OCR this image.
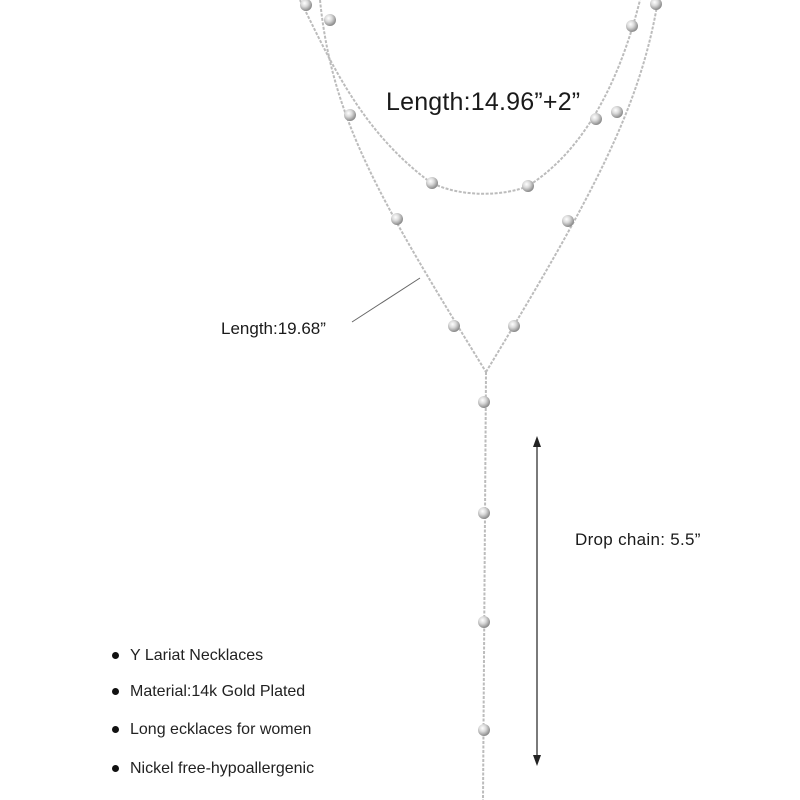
Length:14.96”+2”
Length:19.68”
Drop chain: 5.5”
Y Lariat Necklaces
Material:14k Gold Plated
Long ecklaces for women
Nickel free-hypoallergenic
